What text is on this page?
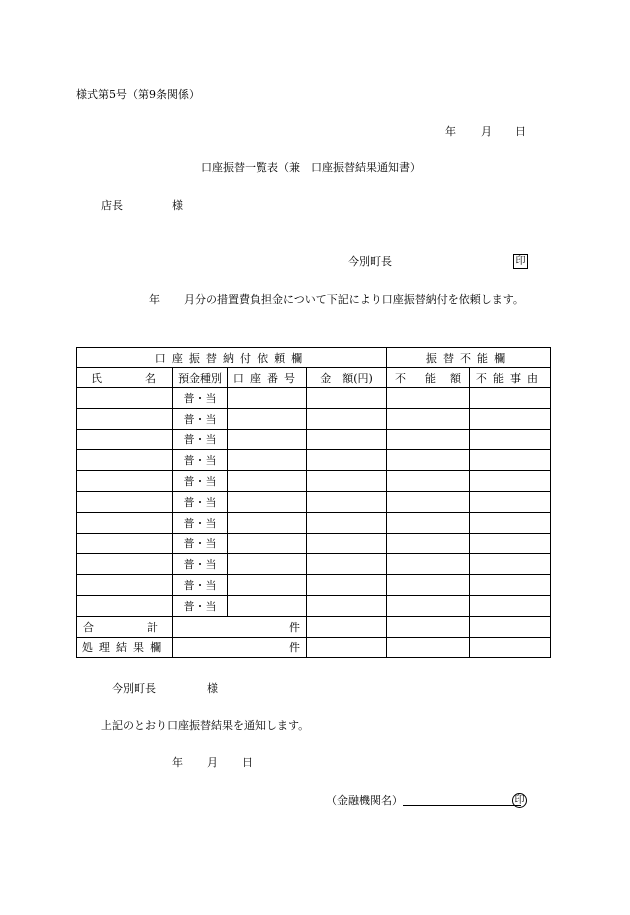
様式第5号（第9条関係）
年 月 日
口座振替一覧表（兼　口座振替結果通知書）
店長	様
今別町長	印
年 月分の措置費負担金について下記により口座振替納付を依頼します。
口座振替納付依頼欄				振替不能欄	

氏 名	預金種別	口座番号	金　額(円)	不 能 額	不能事由
	普・当				
	普・当				
	普・当				
	普・当				
	普・当				
	普・当				
	普・当				
	普・当				
	普・当				
	普・当				
	普・当				

合 計	件				
処理結果欄	件				
今別町長	様
上記のとおり口座振替結果を通知します。
年 月 日
（金融機関名）	印
